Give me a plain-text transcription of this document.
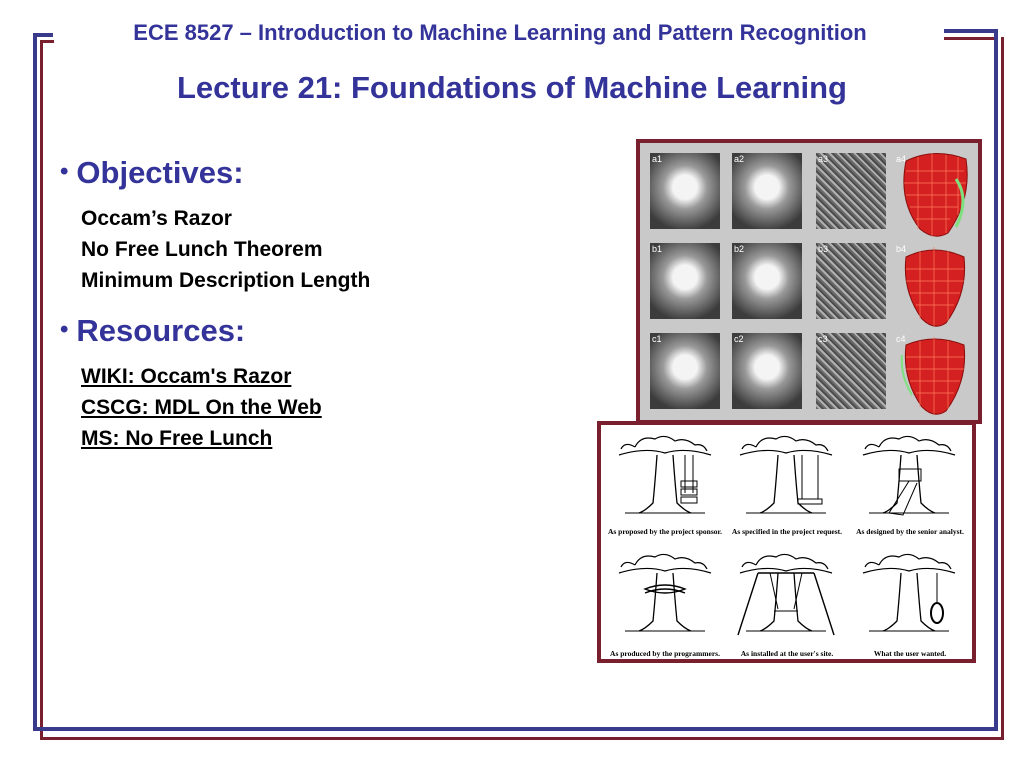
ECE 8527 – Introduction to Machine Learning and Pattern Recognition
Lecture 21: Foundations of Machine Learning
• Objectives:
Occam’s Razor
No Free Lunch Theorem
Minimum Description Length
• Resources:
WIKI: Occam's Razor
CSCG: MDL On the Web
MS: No Free Lunch
a1	a2	a3	a4
b1	b2	b3	b4
c1	c2	c3	c4
As proposed by the project sponsor.	As specified in the project request.	As designed by the senior analyst.
As produced by the programmers.	As installed at the user's site.	What the user wanted.
